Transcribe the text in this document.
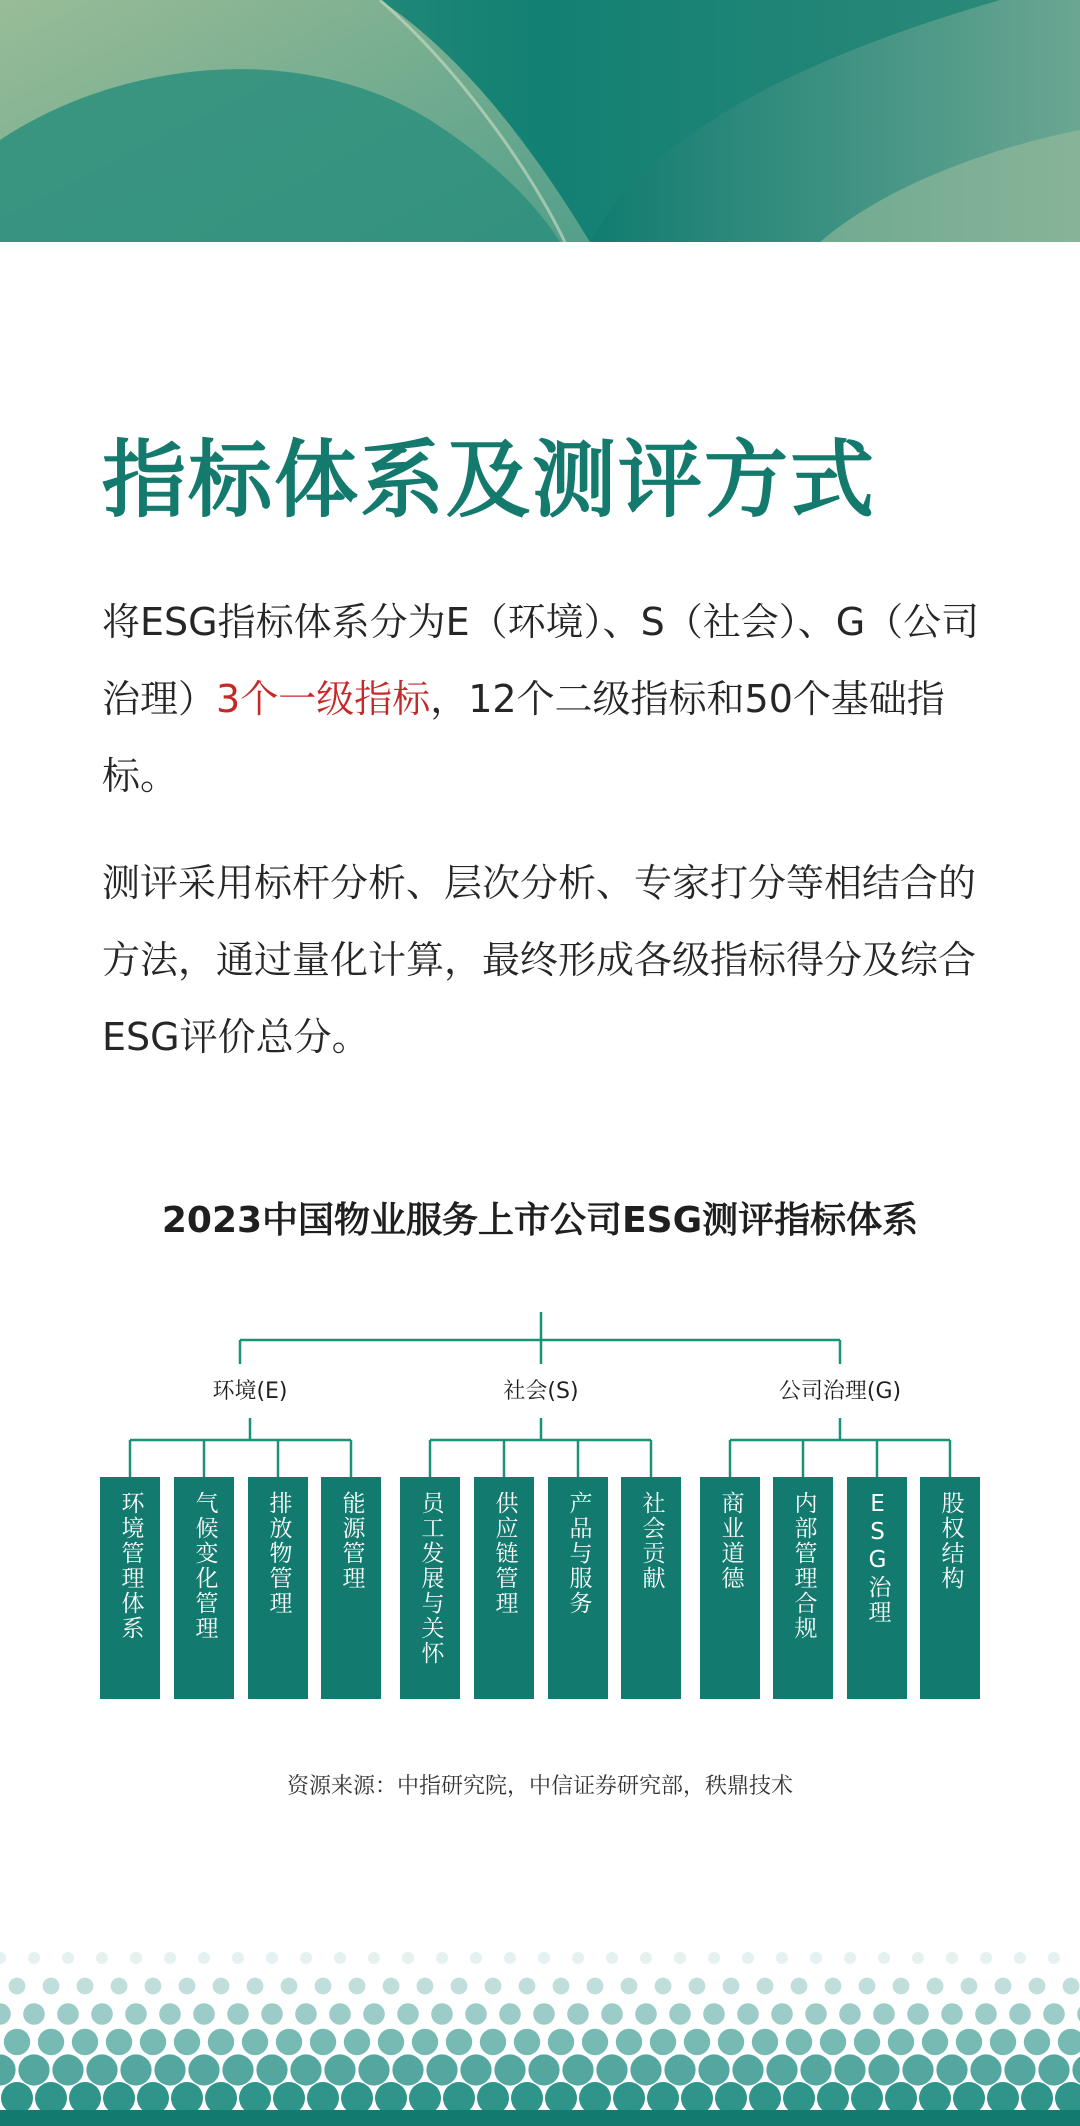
指标体系及测评方式

将ESG指标体系分为E（环境）、S（社会）、G（公司治理）3个一级指标，12个二级指标和50个基础指标。

测评采用标杆分析、层次分析、专家打分等相结合的方法，通过量化计算，最终形成各级指标得分及综合ESG评价总分。

2023中国物业服务上市公司ESG测评指标体系
环境(E)	社会(S)	公司治理(G)
环境管理体系 气候变化管理 排放物管理 能源管理 员工发展与关怀 供应链管理 产品与服务 社会贡献 商业道德 内部管理合规 ESG治理 股权结构
资源来源：中指研究院，中信证券研究部，秩鼎技术
